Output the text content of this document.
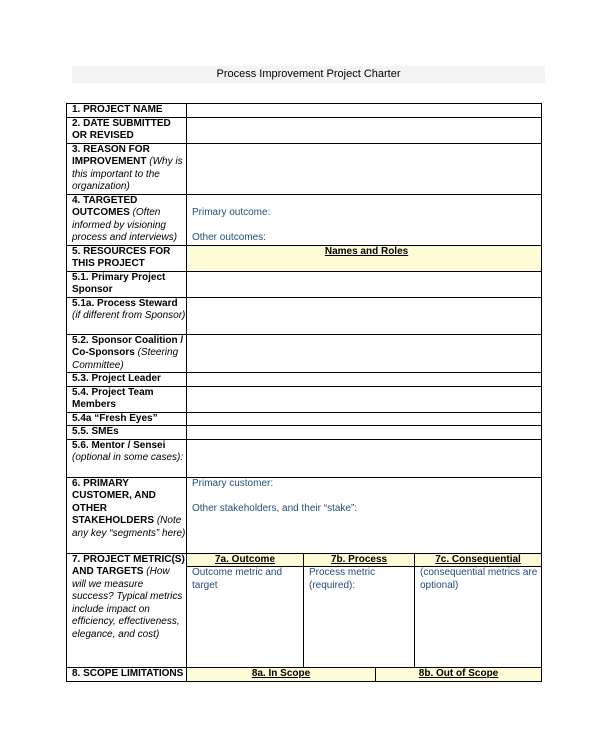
Process Improvement Project Charter
1. PROJECT NAME				
2. DATE SUBMITTED OR REVISED				
3. REASON FOR IMPROVEMENT (Why is this important to the organization)				
4. TARGETED OUTCOMES (Often informed by visioning process and interviews)	Primary outcome:
Other outcomes:			
5. RESOURCES FOR THIS PROJECT	Names and Roles			
5.1. Primary Project Sponsor				
5.1a. Process Steward (if different from Sponsor)				
5.2. Sponsor Coalition / Co-Sponsors (Steering Committee)				
5.3. Project Leader				
5.4. Project Team Members				
5.4a “Fresh Eyes”				
5.5. SMEs				
5.6. Mentor / Sensei (optional in some cases):				
6. PRIMARY CUSTOMER, AND OTHER STAKEHOLDERS (Note any key “segments” here)	Primary customer:
Other stakeholders, and their “stake”:			
7. PROJECT METRIC(S) AND TARGETS (How will we measure success? Typical metrics include impact on efficiency, effectiveness, elegance, and cost)	7a. Outcome	7b. Process		7c. Consequential
	Outcome metric and target	Process metric (required):		(consequential metrics are optional)
8. SCOPE LIMITATIONS	8a. In Scope		8b. Out of Scope	
